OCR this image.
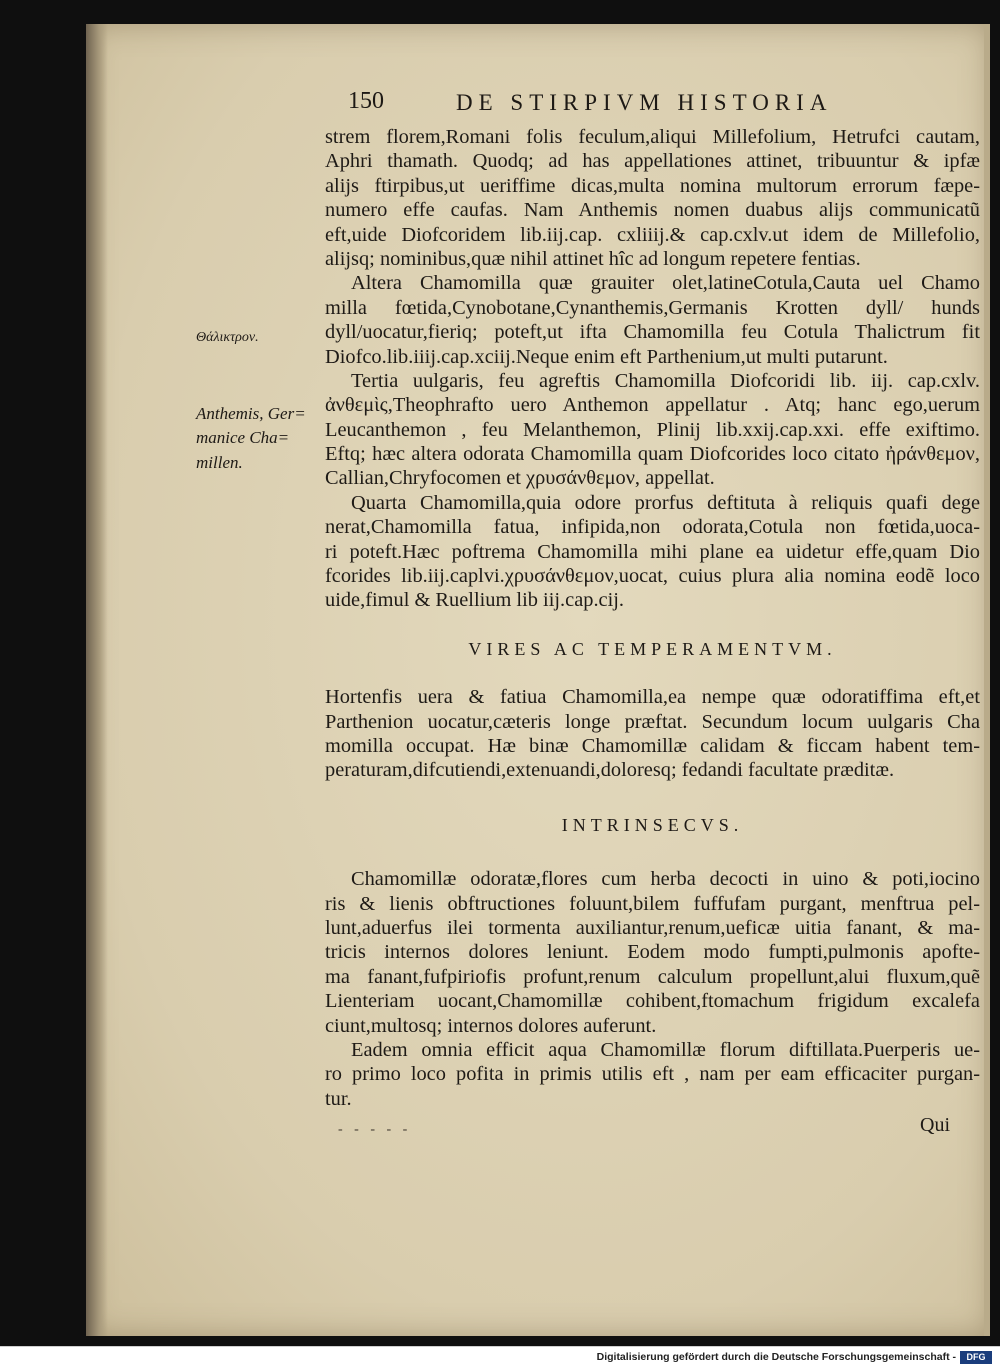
150	DE STIRPIVM HISTORIA
Θάλικτρον.
Anthemis, Ger=
manice Cha=
millen.
strem florem,Romani folis feculum,aliqui Millefolium, Hetrufci cautam,
Aphri thamath. Quodq; ad has appellationes attinet, tribuuntur & ipfæ
alijs ftirpibus,ut ueriffime dicas,multa nomina multorum errorum fæpe-
numero effe caufas. Nam Anthemis nomen duabus alijs communicatũ
eft,uide Diofcoridem lib.iij.cap. cxliiij.& cap.cxlv.ut idem de Millefolio,
alijsq; nominibus,quæ nihil attinet hîc ad longum repetere fentias.
Altera Chamomilla quæ grauiter olet,latineCotula,Cauta uel Chamo
milla fœtida,Cynobotane,Cynanthemis,Germanis Krotten dyll/ hunds
dyll/uocatur,fieriq; poteft,ut ifta Chamomilla feu Cotula Thalictrum fit
Diofco.lib.iiij.cap.xciij.Neque enim eft Parthenium,ut multi putarunt.
Tertia uulgaris, feu agreftis Chamomilla Diofcoridi lib. iij. cap.cxlv.
ἀνθεμὶς,Theophrafto uero Anthemon appellatur . Atq; hanc ego,uerum
Leucanthemon , feu Melanthemon, Plinij lib.xxij.cap.xxi. effe exiftimo.
Eftq; hæc altera odorata Chamomilla quam Diofcorides loco citato ἠράνθεμον,
Callian,Chryfocomen et χρυσάνθεμον, appellat.
Quarta Chamomilla,quia odore prorfus deftituta à reliquis quafi dege
nerat,Chamomilla fatua, infipida,non odorata,Cotula non fœtida,uoca-
ri poteft.Hæc poftrema Chamomilla mihi plane ea uidetur effe,quam Dio
fcorides lib.iij.caplvi.χρυσάνθεμον,uocat, cuius plura alia nomina eodẽ loco
uide,fimul & Ruellium lib iij.cap.cij.
VIRES AC TEMPERAMENTVM.
Hortenfis uera & fatiua Chamomilla,ea nempe quæ odoratiffima eft,et
Parthenion uocatur,cæteris longe præftat. Secundum locum uulgaris Cha
momilla occupat. Hæ binæ Chamomillæ calidam & ficcam habent tem-
peraturam,difcutiendi,extenuandi,doloresq; fedandi facultate præditæ.
INTRINSECVS.
Chamomillæ odoratæ,flores cum herba decocti in uino & poti,iocino
ris & lienis obftructiones foluunt,bilem fuffufam purgant, menftrua pel-
lunt,aduerfus ilei tormenta auxiliantur,renum,ueficæ uitia fanant, & ma-
tricis internos dolores leniunt. Eodem modo fumpti,pulmonis apofte-
ma fanant,fufpiriofis profunt,renum calculum propellunt,alui fluxum,quẽ
Lienteriam uocant,Chamomillæ cohibent,ftomachum frigidum excalefa
ciunt,multosq; internos dolores auferunt.
Eadem omnia efficit aqua Chamomillæ florum diftillata.Puerperis ue-
ro primo loco pofita in primis utilis eft , nam per eam efficaciter purgan-
tur.
- - - - -	Qui
Digitalisierung gefördert durch die Deutsche Forschungsgemeinschaft -	DFG
